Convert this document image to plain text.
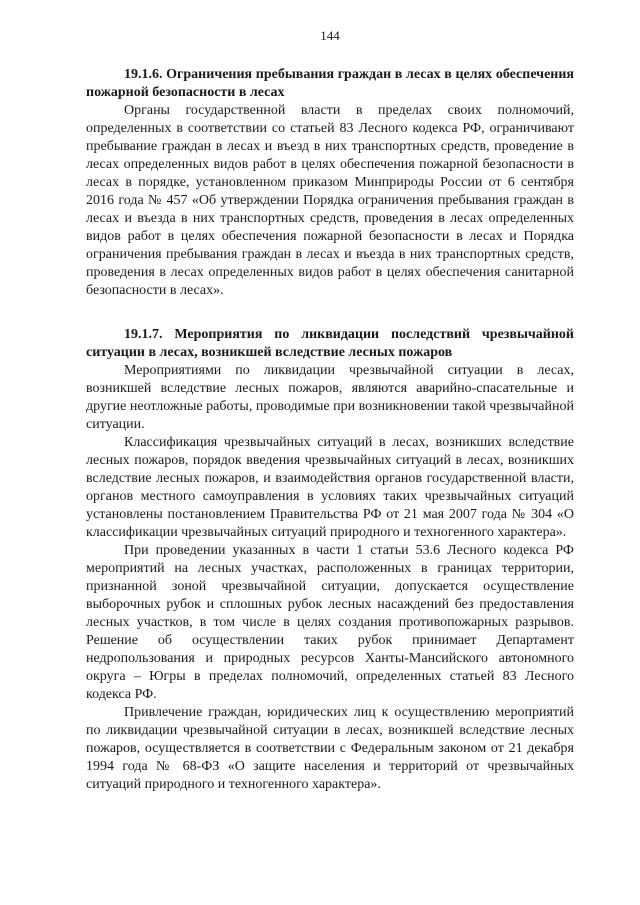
144

19.1.6. Ограничения пребывания граждан в лесах в целях обеспечения пожарной безопасности в лесах

Органы государственной власти в пределах своих полномочий, определенных в соответствии со статьей 83 Лесного кодекса РФ, ограничивают пребывание граждан в лесах и въезд в них транспортных средств, проведение в лесах определенных видов работ в целях обеспечения пожарной безопасности в лесах в порядке, установленном приказом Минприроды России от 6 сентября 2016 года № 457 «Об утверждении Порядка ограничения пребывания граждан в лесах и въезда в них транспортных средств, проведения в лесах определенных видов работ в целях обеспечения пожарной безопасности в лесах и Порядка ограничения пребывания граждан в лесах и въезда в них транспортных средств, проведения в лесах определенных видов работ в целях обеспечения санитарной безопасности в лесах».

19.1.7. Мероприятия по ликвидации последствий чрезвычайной ситуации в лесах, возникшей вследствие лесных пожаров

Мероприятиями по ликвидации чрезвычайной ситуации в лесах, возникшей вследствие лесных пожаров, являются аварийно-спасательные и другие неотложные работы, проводимые при возникновении такой чрезвычайной ситуации.

Классификация чрезвычайных ситуаций в лесах, возникших вследствие лесных пожаров, порядок введения чрезвычайных ситуаций в лесах, возникших вследствие лесных пожаров, и взаимодействия органов государственной власти, органов местного самоуправления в условиях таких чрезвычайных ситуаций установлены постановлением Правительства РФ от 21 мая 2007 года № 304 «О классификации чрезвычайных ситуаций природного и техногенного характера».

При проведении указанных в части 1 статьи 53.6 Лесного кодекса РФ мероприятий на лесных участках, расположенных в границах территории, признанной зоной чрезвычайной ситуации, допускается осуществление выборочных рубок и сплошных рубок лесных насаждений без предоставления лесных участков, в том числе в целях создания противопожарных разрывов. Решение об осуществлении таких рубок принимает Департамент недропользования и природных ресурсов Ханты-Мансийского автономного округа – Югры в пределах полномочий, определенных статьей 83 Лесного кодекса РФ.

Привлечение граждан, юридических лиц к осуществлению мероприятий по ликвидации чрезвычайной ситуации в лесах, возникшей вследствие лесных пожаров, осуществляется в соответствии с Федеральным законом от 21 декабря 1994 года № 68-ФЗ «О защите населения и территорий от чрезвычайных ситуаций природного и техногенного характера».
